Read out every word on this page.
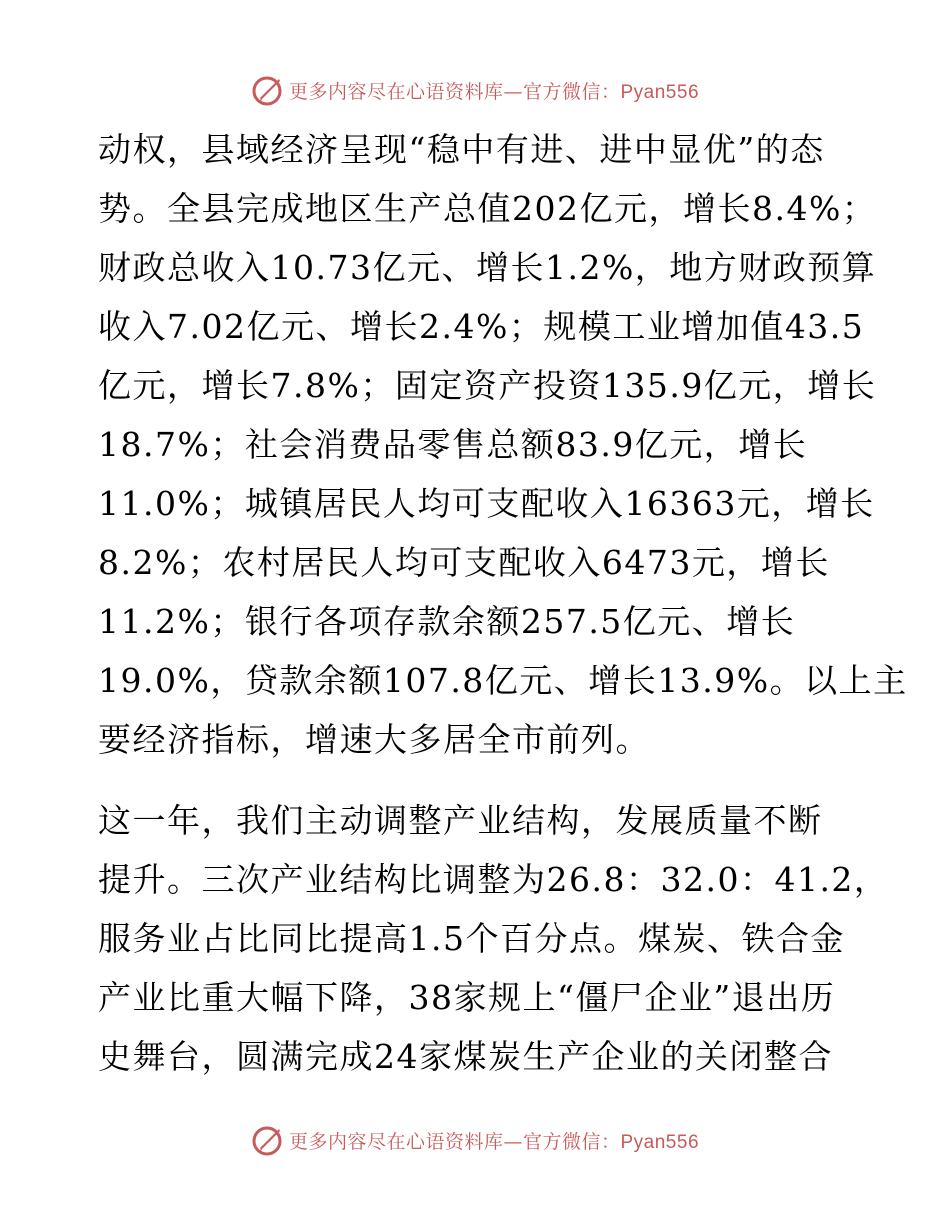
更多内容尽在心语资料库—官方微信：Pyan556
动权，县域经济呈现“稳中有进、进中显优”的态
势。全县完成地区生产总值202亿元，增长8.4%；
财政总收入10.73亿元、增长1.2%，地方财政预算
收入7.02亿元、增长2.4%；规模工业增加值43.5
亿元，增长7.8%；固定资产投资135.9亿元，增长
18.7%；社会消费品零售总额83.9亿元，增长
11.0%；城镇居民人均可支配收入16363元，增长
8.2%；农村居民人均可支配收入6473元，增长
11.2%；银行各项存款余额257.5亿元、增长
19.0%，贷款余额107.8亿元、增长13.9%。以上主
要经济指标，增速大多居全市前列。
这一年，我们主动调整产业结构，发展质量不断
提升。三次产业结构比调整为26.8：32.0：41.2，
服务业占比同比提高1.5个百分点。煤炭、铁合金
产业比重大幅下降，38家规上“僵尸企业”退出历
史舞台，圆满完成24家煤炭生产企业的关闭整合
更多内容尽在心语资料库—官方微信：Pyan556
